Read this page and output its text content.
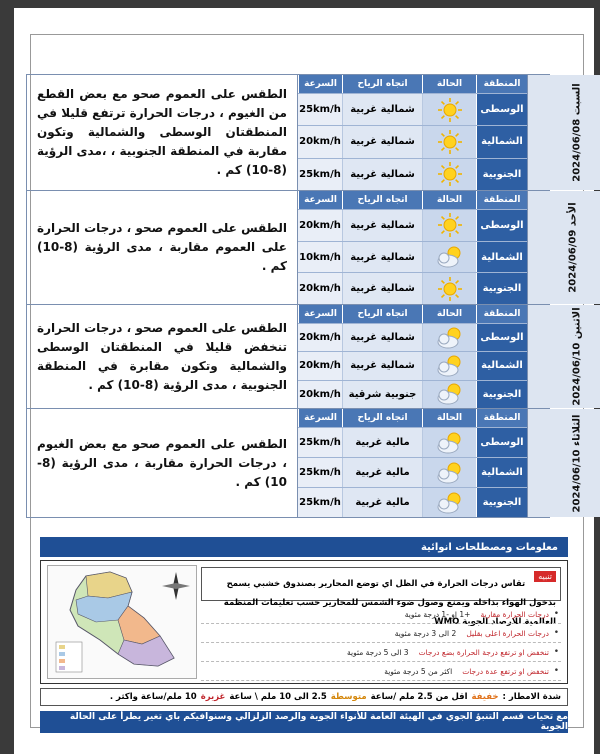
الطقس على العموم صحو مع بعض القطع من الغيوم ، درجات الحرارة ترتفع قليلا في المنطقتان الوسطى والشمالية وتكون مقاربة في المنطقة الجنوبية ، ،مدى الرؤية (8-10) كم .

السرعة	اتجاه الرياح	الحالة	المنطقة
25km/h شمالية غربية	الوسطى
20km/h شمالية غربية	الشمالية
25km/h شمالية غربية	الجنوبية	السبت 2024/06/08

الطقس على العموم صحو ، درجات الحرارة على العموم مقاربة ، مدى الرؤية (8-10) كم .

السرعة	اتجاه الرياح	الحالة	المنطقة
20km/h شمالية غربية	الوسطى
10km/h شمالية غربية	الشمالية
20km/h شمالية غربية	الجنوبية	الأحد 2024/06/09

الطقس على العموم صحو ، درجات الحرارة تنخفض قليلا في المنطقتان الوسطى والشمالية وتكون مقابرة في المنطقة الجنوبية ، مدى الرؤية (8-10) كم .

السرعة	اتجاه الرياح	الحالة	المنطقة
20km/h شمالية غربية	الوسطى
20km/h شمالية غربية	الشمالية
20km/h جنوبية شرقية	الجنوبية	الاثنين 2024/06/10

الطقس على العموم صحو مع بعض الغيوم ، درجات الحرارة مقاربة ، مدى الرؤية (8-10) كم .

السرعة	اتجاه الرياح	الحالة	المنطقة
25km/h	مالية غربية	الوسطى
25km/h	مالية غربية	الشمالية
25km/h	مالية غربية	الجنوبية	الثلاثاء 2024/06/10
معلومات ومصطلحات انوائية
تنبيه تقاس درجات الحرارة في الظل اي توضع المحارير بصندوق خشبي يسمح بدخول الهواء بداخله ويمنع وصول ضوء الشمس للمحارير حسب تعليمات المنظمة العالمية للارصاد الجوية WMO
• درجات الحرارة مقاربة
+1 او -1 درجة مئوية
• درجات الحرارة اعلى بقليل
2 الى 3 درجة مئوية
• تنخفض او ترتفع درجة الحرارة بضع درجات
3 الى 5 درجة مئوية
• تنخفض او ترتفع عدة درجات
اكثر من 5 درجة مئوية
شدة الامطار :
خفيفة
اقل من 2.5 ملم /ساعة
متوسطة
2.5 الى 10 ملم \ ساعة
غزيرة
10 ملم/ساعة واكثر .
مع تحيات قسم التنبؤ الجوي في الهيئة العامة للأنواء الجوية والرصد الزلزالي وسنوافيكم باي تغير يطرأ على الحالة الجوية
